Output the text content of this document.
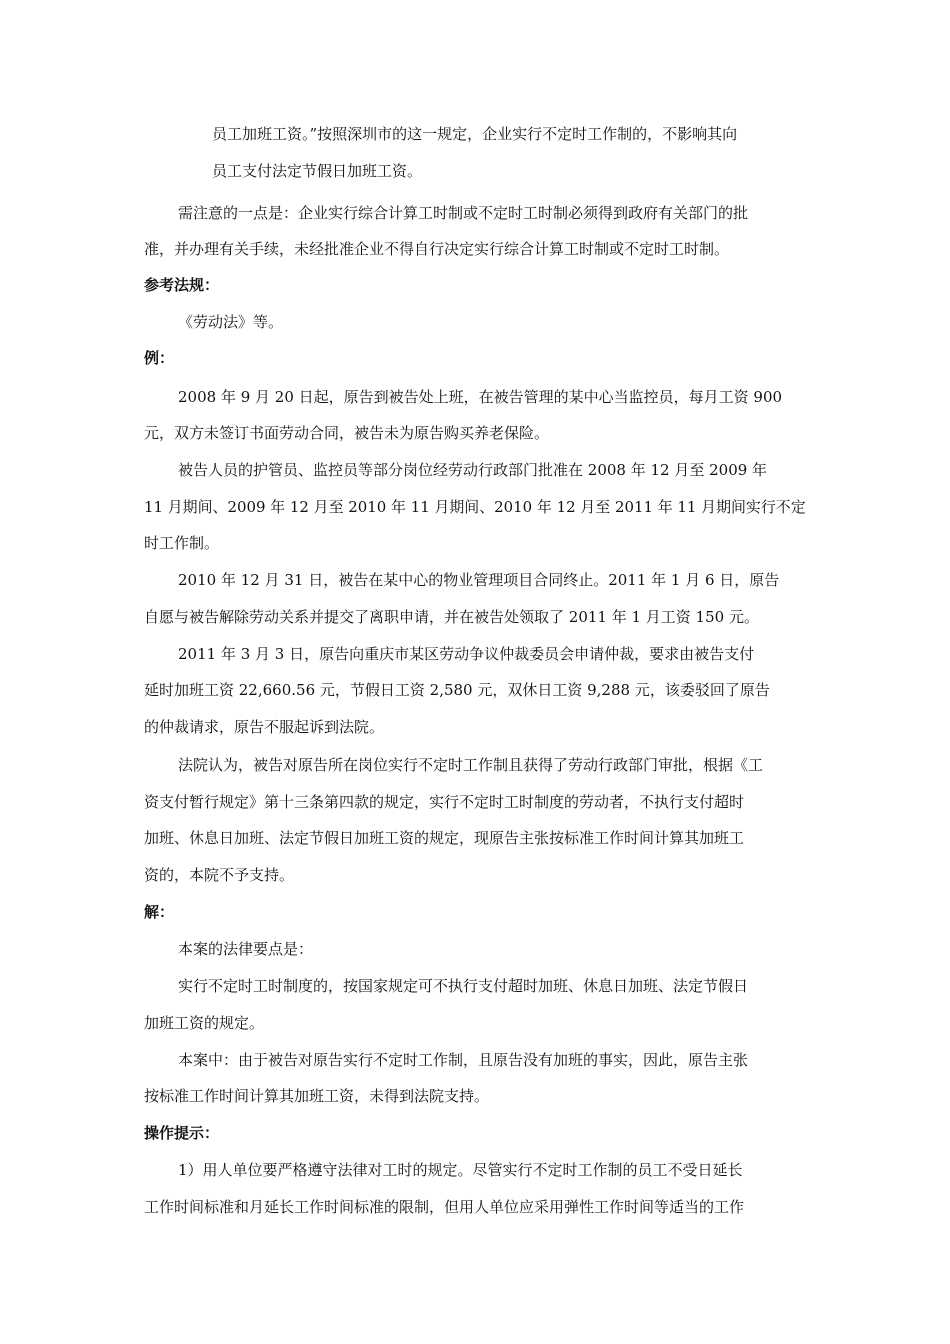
员工加班工资。”按照深圳市的这一规定，企业实行不定时工作制的，不影响其向
员工支付法定节假日加班工资。
需注意的一点是：企业实行综合计算工时制或不定时工时制必须得到政府有关部门的批
准，并办理有关手续，未经批准企业不得自行决定实行综合计算工时制或不定时工时制。
参考法规：
《劳动法》等。
例：
2008 年 9 月 20 日起，原告到被告处上班，在被告管理的某中心当监控员，每月工资 900
元，双方未签订书面劳动合同，被告未为原告购买养老保险。
被告人员的护管员、监控员等部分岗位经劳动行政部门批准在 2008 年 12 月至 2009 年
11 月期间、2009 年 12 月至 2010 年 11 月期间、2010 年 12 月至 2011 年 11 月期间实行不定
时工作制。
2010 年 12 月 31 日，被告在某中心的物业管理项目合同终止。2011 年 1 月 6 日，原告
自愿与被告解除劳动关系并提交了离职申请，并在被告处领取了 2011 年 1 月工资 150 元。
2011 年 3 月 3 日，原告向重庆市某区劳动争议仲裁委员会申请仲裁，要求由被告支付
延时加班工资 22,660.56 元，节假日工资 2,580 元，双休日工资 9,288 元，该委驳回了原告
的仲裁请求，原告不服起诉到法院。
法院认为，被告对原告所在岗位实行不定时工作制且获得了劳动行政部门审批，根据《工
资支付暂行规定》第十三条第四款的规定，实行不定时工时制度的劳动者，不执行支付超时
加班、休息日加班、法定节假日加班工资的规定，现原告主张按标准工作时间计算其加班工
资的，本院不予支持。
解：
本案的法律要点是：
实行不定时工时制度的，按国家规定可不执行支付超时加班、休息日加班、法定节假日
加班工资的规定。
本案中：由于被告对原告实行不定时工作制，且原告没有加班的事实，因此，原告主张
按标准工作时间计算其加班工资，未得到法院支持。
操作提示：
1）用人单位要严格遵守法律对工时的规定。尽管实行不定时工作制的员工不受日延长
工作时间标准和月延长工作时间标准的限制，但用人单位应采用弹性工作时间等适当的工作
